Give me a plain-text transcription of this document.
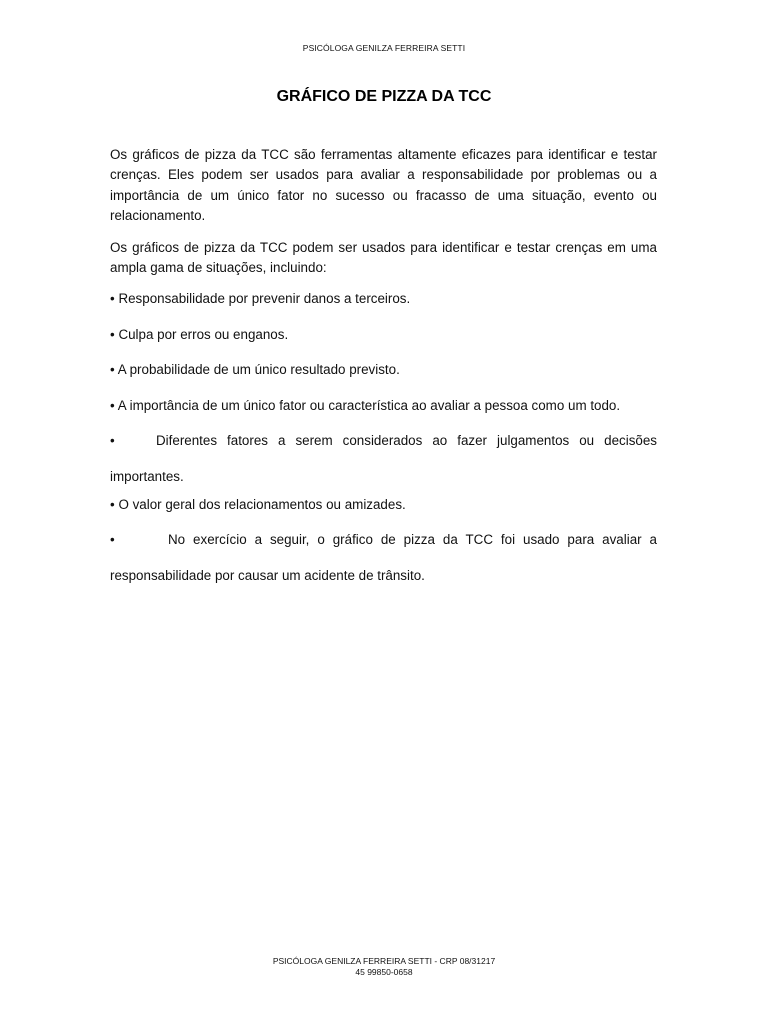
PSICÓLOGA GENILZA FERREIRA SETTI
GRÁFICO DE PIZZA DA TCC

Os gráficos de pizza da TCC são ferramentas altamente eficazes para identificar e testar crenças. Eles podem ser usados para avaliar a responsabilidade por problemas ou a importância de um único fator no sucesso ou fracasso de uma situação, evento ou relacionamento.

Os gráficos de pizza da TCC podem ser usados para identificar e testar crenças em uma ampla gama de situações, incluindo:

• Responsabilidade por prevenir danos a terceiros.

• Culpa por erros ou enganos.

• A probabilidade de um único resultado previsto.

• A importância de um único fator ou característica ao avaliar a pessoa como um todo.

•	Diferentes fatores a serem considerados ao fazer julgamentos ou decisões importantes.

• O valor geral dos relacionamentos ou amizades.

•	No exercício a seguir, o gráfico de pizza da TCC foi usado para avaliar a responsabilidade por causar um acidente de trânsito.

PSICÓLOGA GENILZA FERREIRA SETTI - CRP 08/31217
45 99850-0658
